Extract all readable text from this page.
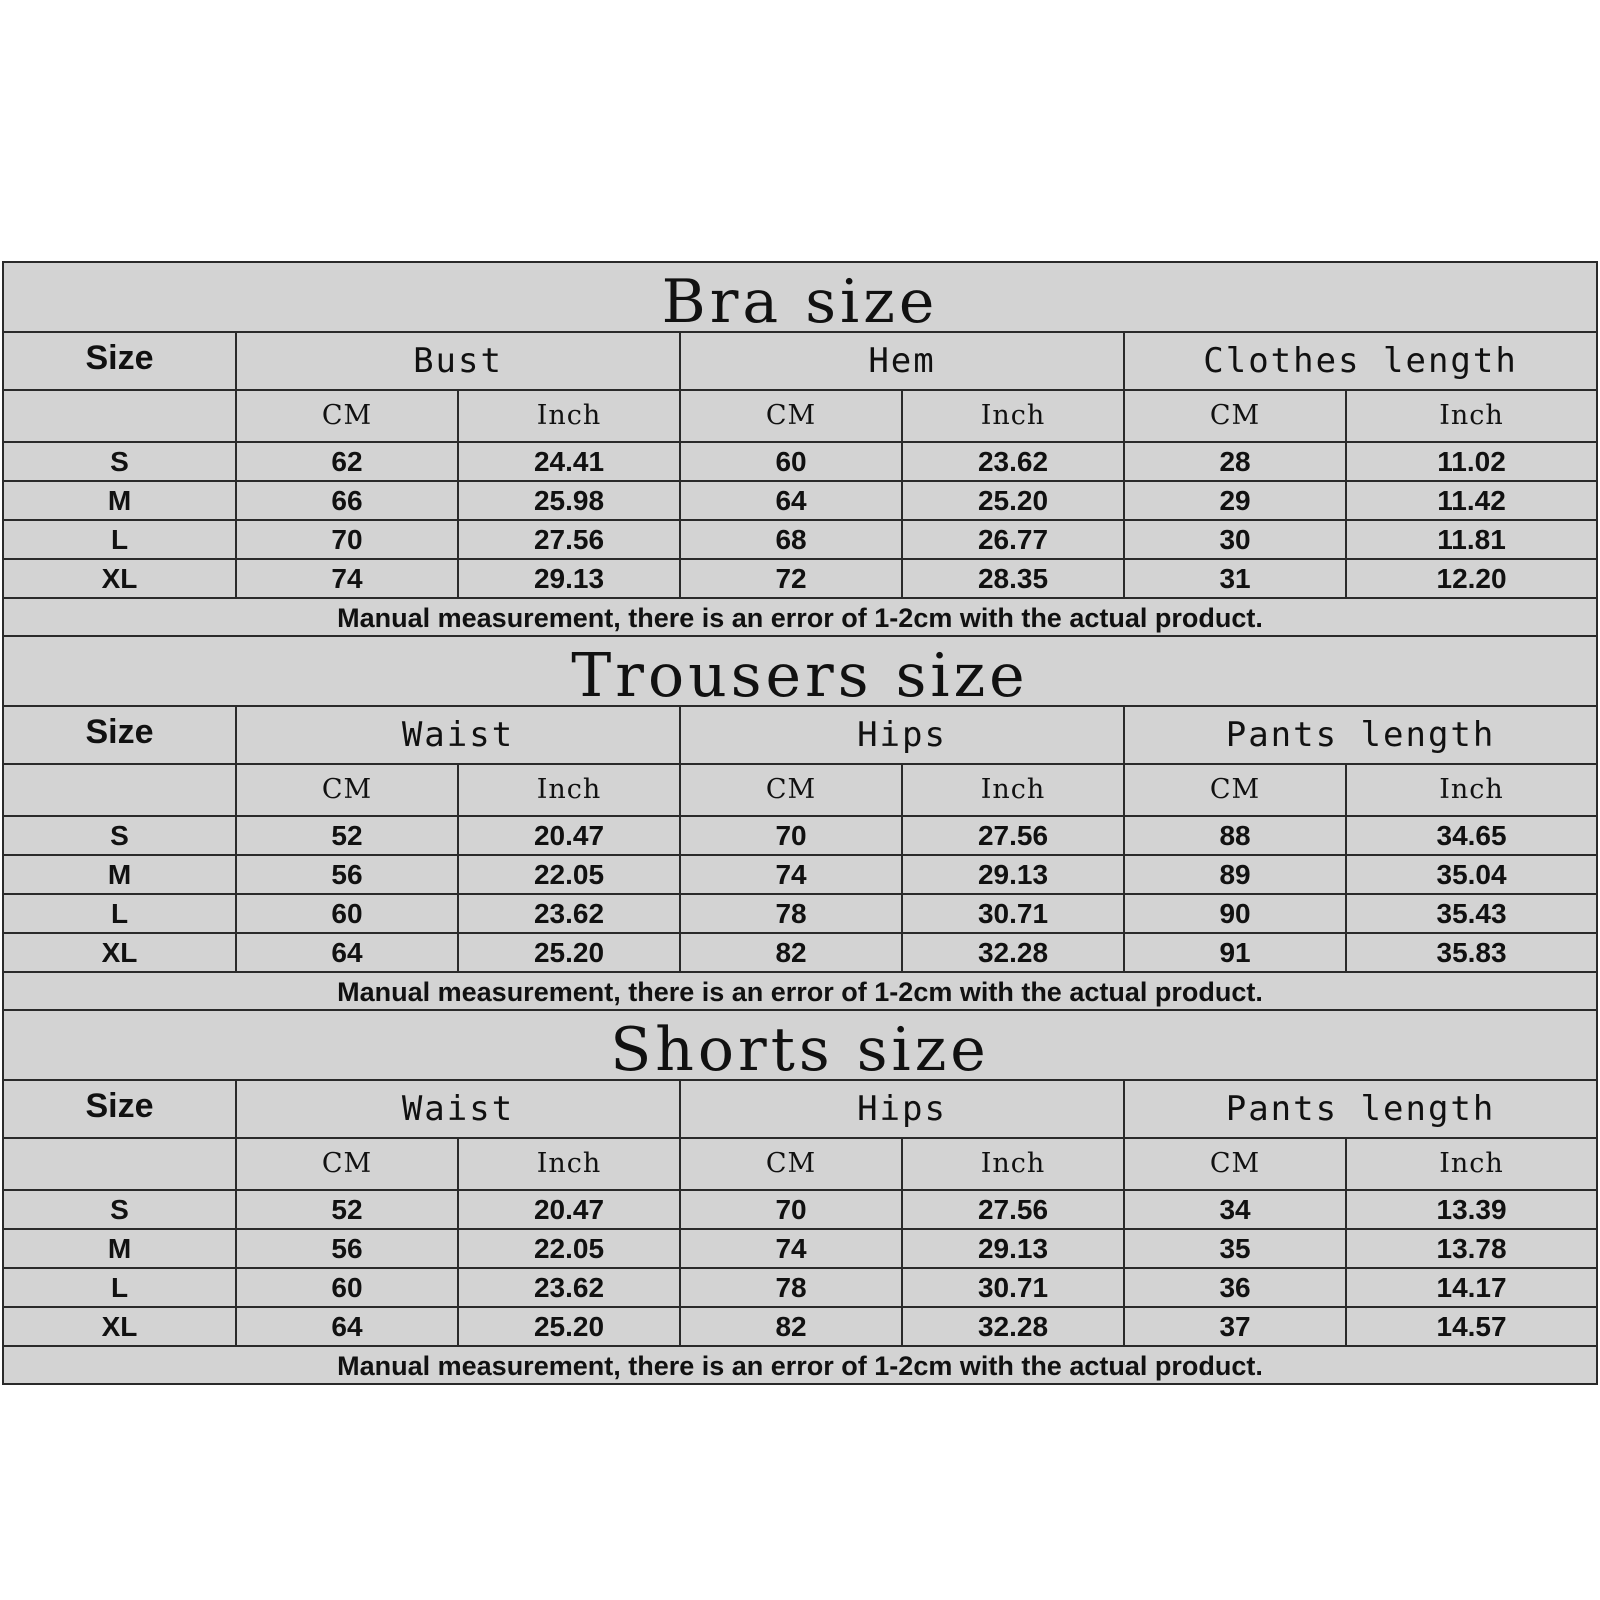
Bra size
Size	Bust		Hem		Clothes length	
	CM	Inch	CM	Inch	CM	Inch
S	62	24.41	60	23.62	28	11.02
M	66	25.98	64	25.20	29	11.42
L	70	27.56	68	26.77	30	11.81
XL	74	29.13	72	28.35	31	12.20
Manual measurement, there is an error of 1-2cm with the actual product.
Trousers size
Size	Waist		Hips		Pants length	
	CM	Inch	CM	Inch	CM	Inch
S	52	20.47	70	27.56	88	34.65
M	56	22.05	74	29.13	89	35.04
L	60	23.62	78	30.71	90	35.43
XL	64	25.20	82	32.28	91	35.83
Manual measurement, there is an error of 1-2cm with the actual product.
Shorts size
Size	Waist		Hips		Pants length	
	CM	Inch	CM	Inch	CM	Inch
S	52	20.47	70	27.56	34	13.39
M	56	22.05	74	29.13	35	13.78
L	60	23.62	78	30.71	36	14.17
XL	64	25.20	82	32.28	37	14.57
Manual measurement, there is an error of 1-2cm with the actual product.
